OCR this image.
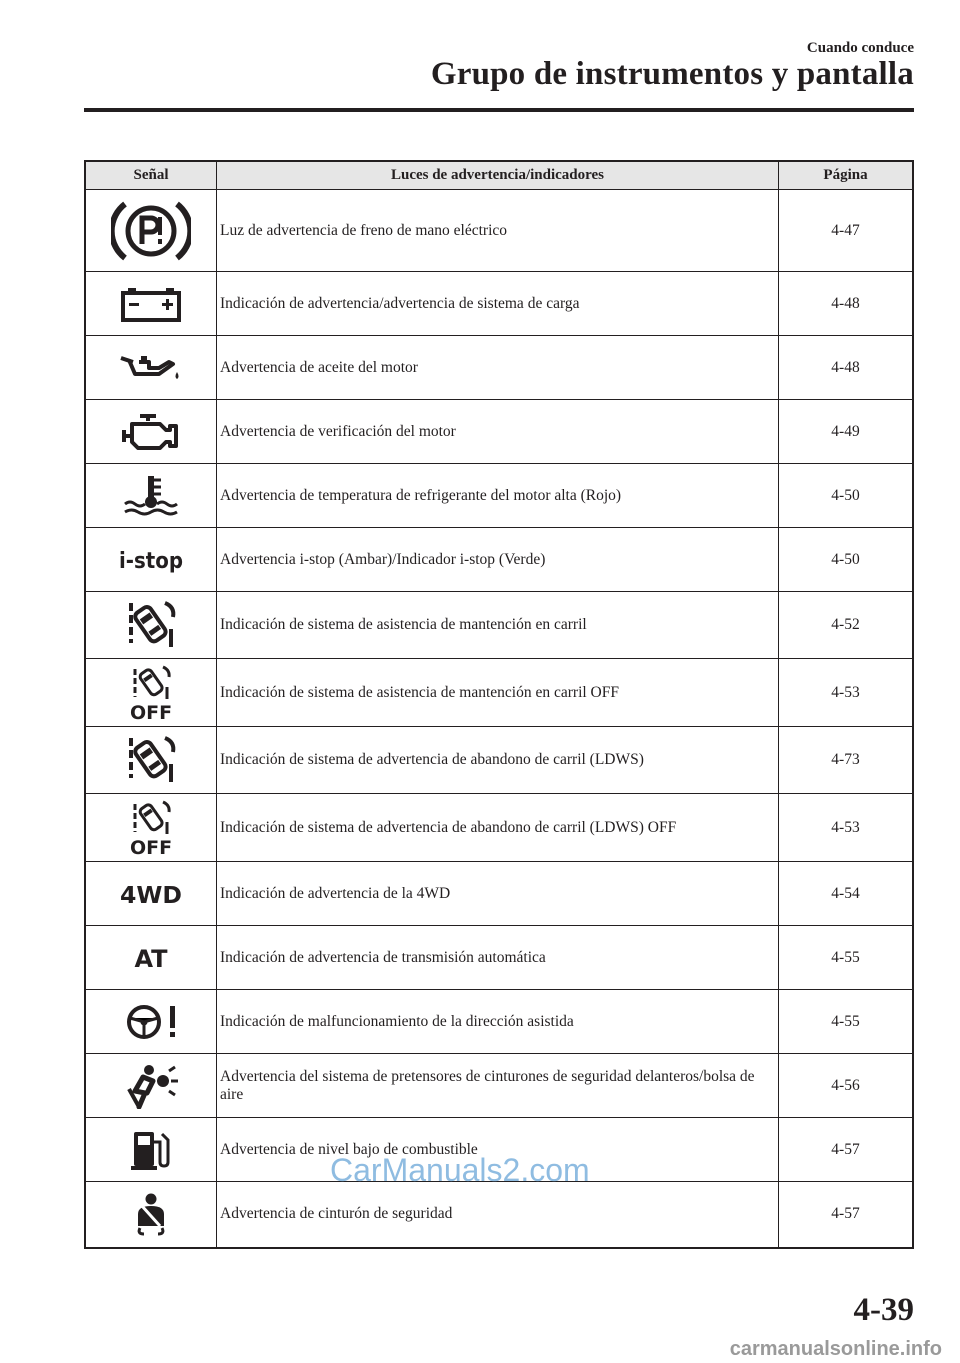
Cuando conduce
Grupo de instrumentos y pantalla
Señal	Luces de advertencia/indicadores	Página

	Luz de advertencia de freno de mano eléctrico	4-47

	Indicación de advertencia/advertencia de sistema de carga	4-48

	Advertencia de aceite del motor	4-48

	Advertencia de verificación del motor	4-49

	Advertencia de temperatura de refrigerante del motor alta (Rojo)	4-50

i-stop	Advertencia i-stop (Ambar)/Indicador i-stop (Verde)	4-50

	Indicación de sistema de asistencia de mantención en carril	4-52

OFF	Indicación de sistema de asistencia de mantención en carril OFF	4-53

	Indicación de sistema de advertencia de abandono de carril (LDWS)	4-73

OFF	Indicación de sistema de advertencia de abandono de carril (LDWS) OFF	4-53

4WD	Indicación de advertencia de la 4WD	4-54

AT	Indicación de advertencia de transmisión automática	4-55

	Indicación de malfuncionamiento de la dirección asistida	4-55

	Advertencia del sistema de pretensores de cinturones de seguridad delanteros/bolsa de aire	4-56

	Advertencia de nivel bajo de combustible	4-57

	Advertencia de cinturón de seguridad	4-57
CarManuals2.com
4-39
carmanualsonline.info
